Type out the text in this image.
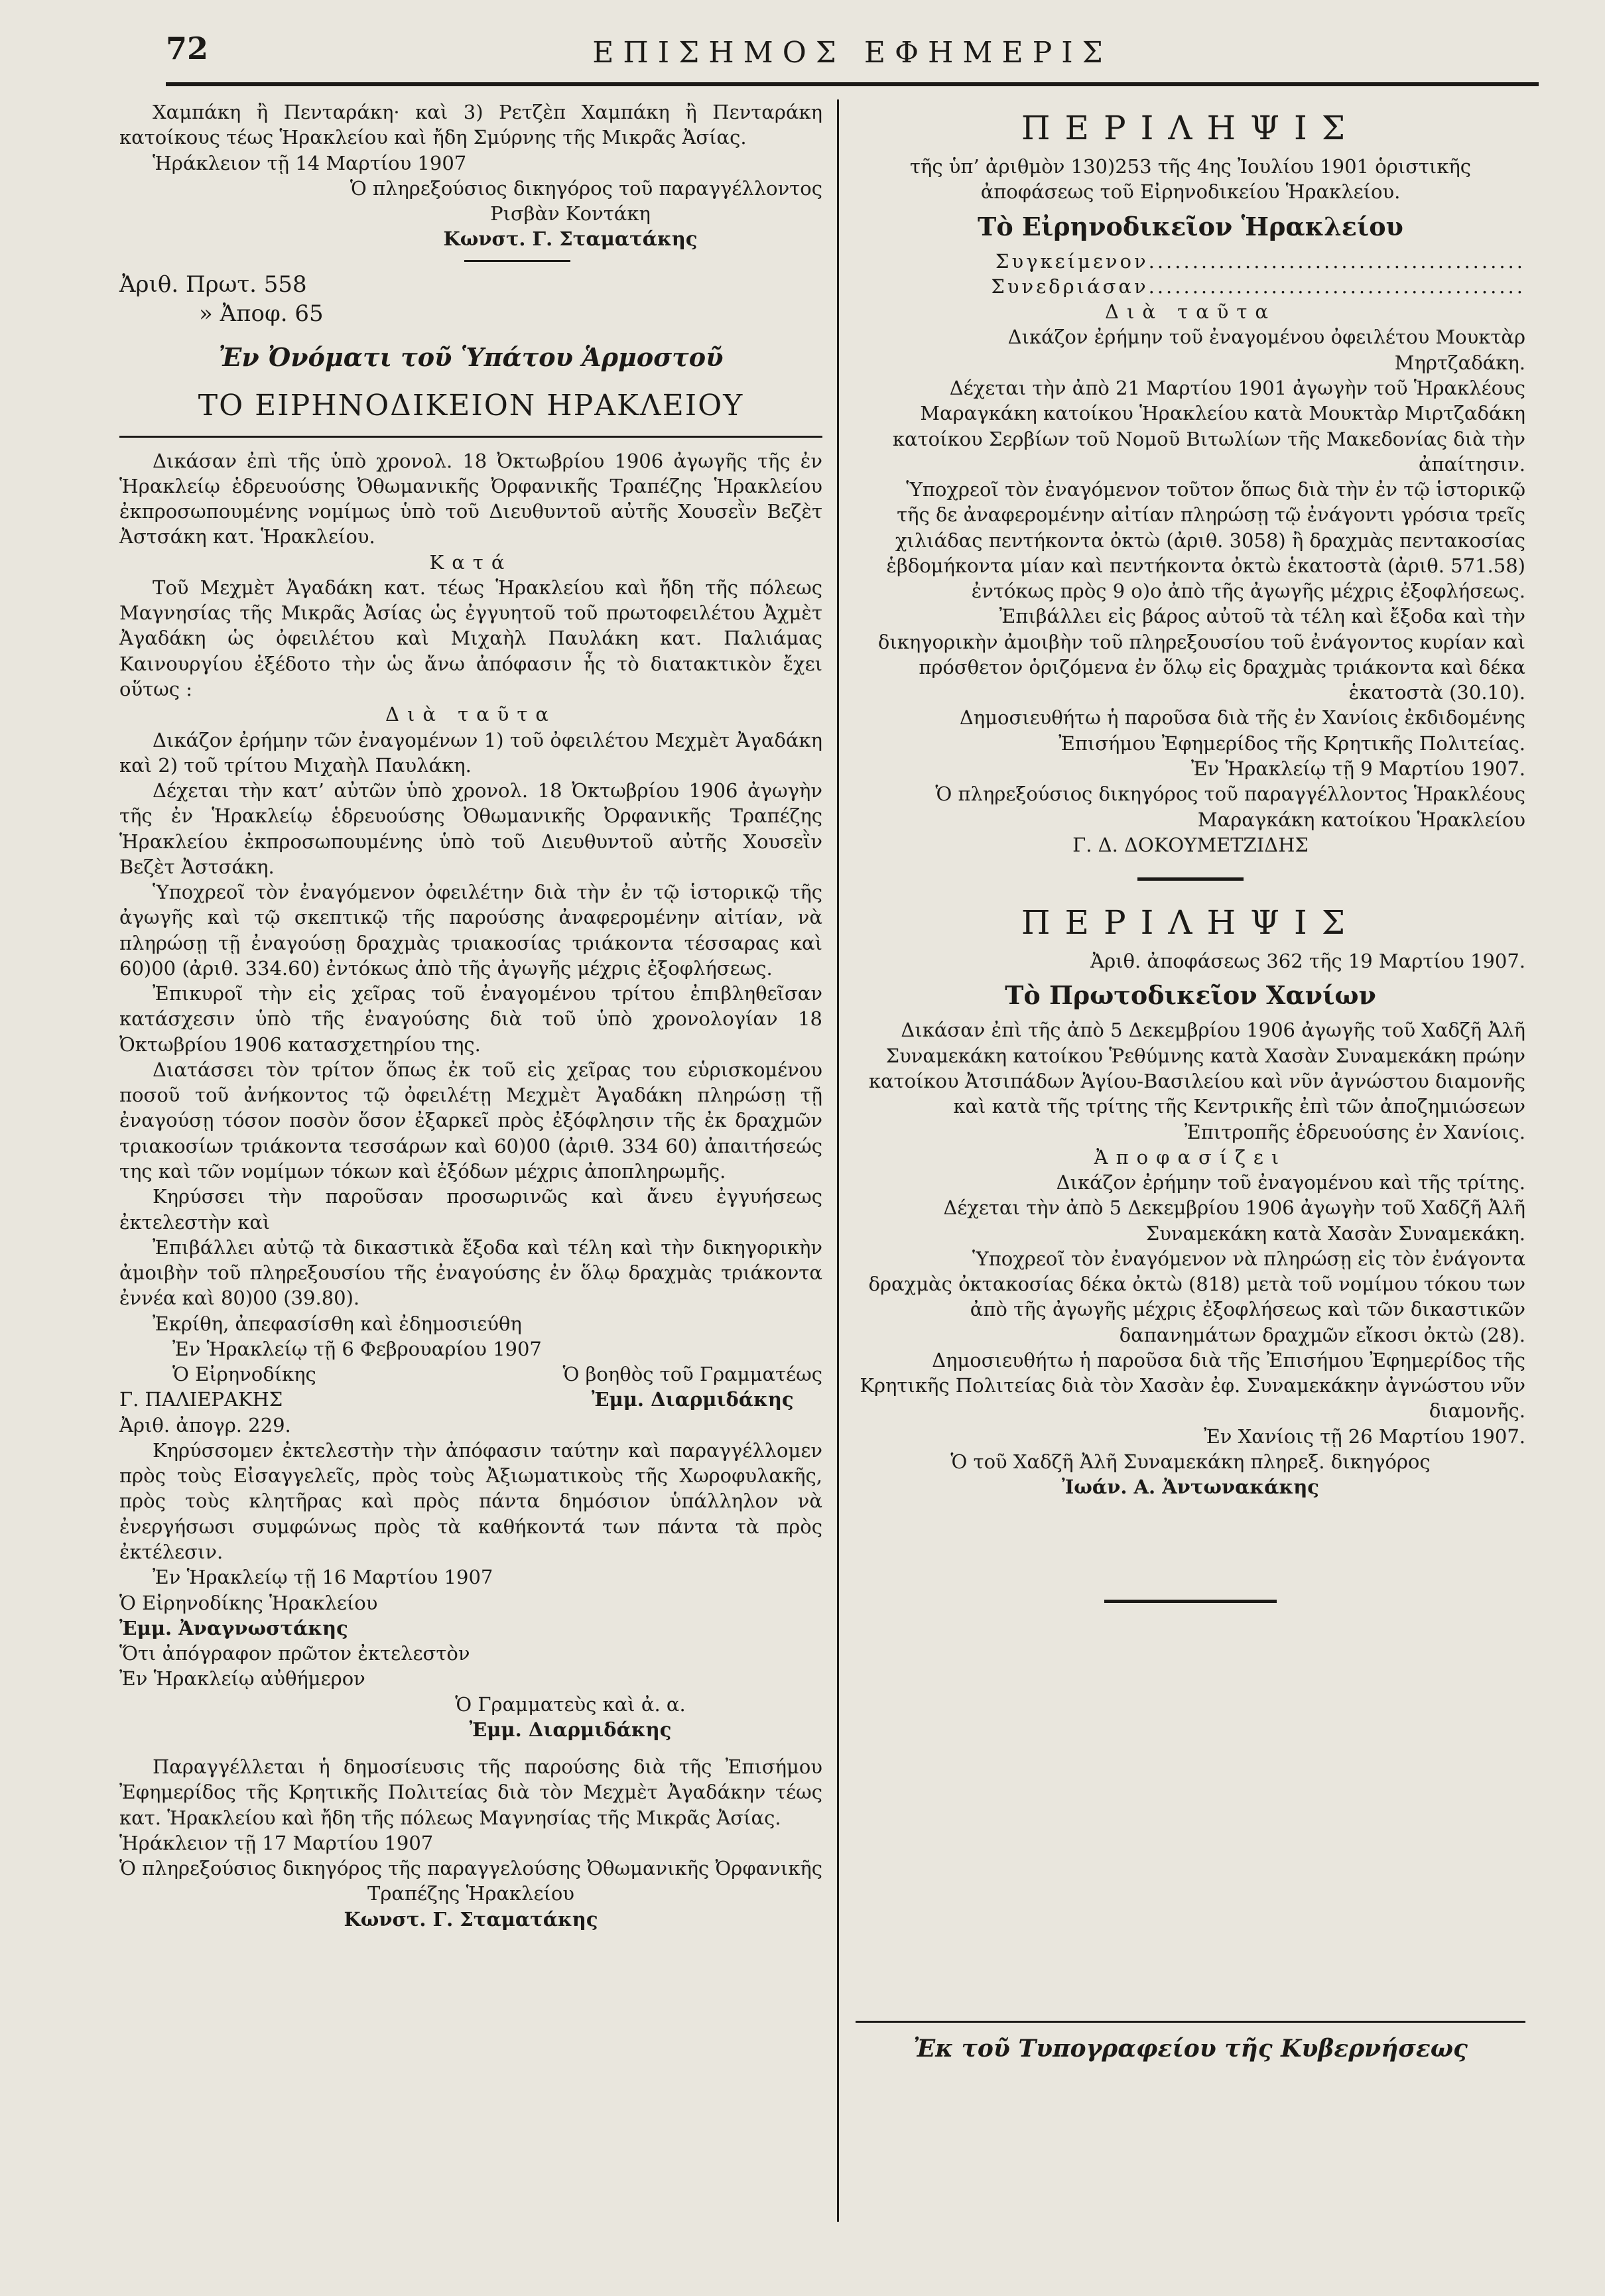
72	ΕΠΙΣΗΜΟΣ ΕΦΗΜΕΡΙΣ

Χαμπάκη ἢ Πενταράκη· καὶ 3) Ρετζὲπ Χαμπάκη ἢ Πενταράκη κατοίκους τέως Ἡρακλείου καὶ ἤδη Σμύρνης τῆς Μικρᾶς Ἀσίας.

Ἡράκλειον τῇ 14 Μαρτίου 1907

Ὁ πληρεξούσιος δικηγόρος τοῦ παραγγέλλοντος

Ρισβὰν Κοντάκη

Κωνστ. Γ. Σταματάκης

Ἀριθ. Πρωτ. 558

» Ἀποφ. 65

Ἐν Ὀνόματι τοῦ Ὑπάτου Ἁρμοστοῦ

ΤΟ ΕΙΡΗΝΟΔΙΚΕΙΟΝ ΗΡΑΚΛΕΙΟΥ

Δικάσαν ἐπὶ τῆς ὑπὸ χρονολ. 18 Ὀκτωβρίου 1906 ἀγωγῆς τῆς ἐν Ἡρακλείῳ ἑδρευούσης Ὀθωμανικῆς Ὀρφανικῆς Τραπέζης Ἡρακλείου ἐκπροσωπουμένης νομίμως ὑπὸ τοῦ Διευθυντοῦ αὐτῆς Χουσεῒν Βεζὲτ Ἀστσάκη κατ. Ἡρακλείου.

Κατά

Τοῦ Μεχμὲτ Ἀγαδάκη κατ. τέως Ἡρακλείου καὶ ἤδη τῆς πόλεως Μαγνησίας τῆς Μικρᾶς Ἀσίας ὡς ἐγγυητοῦ τοῦ πρωτοφειλέτου Ἀχμὲτ Ἀγαδάκη ὡς ὀφειλέτου καὶ Μιχαὴλ Παυλάκη κατ. Παλιάμας Καινουργίου ἐξέδοτο τὴν ὡς ἄνω ἀπόφασιν ἧς τὸ διατακτικὸν ἔχει οὕτως :

Διὰ ταῦτα

Δικάζον ἐρήμην τῶν ἐναγομένων 1) τοῦ ὀφειλέτου Μεχμὲτ Ἀγαδάκη καὶ 2) τοῦ τρίτου Μιχαὴλ Παυλάκη.

Δέχεται τὴν κατ’ αὐτῶν ὑπὸ χρονολ. 18 Ὀκτωβρίου 1906 ἀγωγὴν τῆς ἐν Ἡρακλείῳ ἑδρευούσης Ὀθωμανικῆς Ὀρφανικῆς Τραπέζης Ἡρακλείου ἐκπροσωπουμένης ὑπὸ τοῦ Διευθυντοῦ αὐτῆς Χουσεῒν Βεζὲτ Ἀστσάκη.

Ὑποχρεοῖ τὸν ἐναγόμενον ὀφειλέτην διὰ τὴν ἐν τῷ ἱστορικῷ τῆς ἀγωγῆς καὶ τῷ σκεπτικῷ τῆς παρούσης ἀναφερομένην αἰτίαν, νὰ πληρώσῃ τῇ ἐναγούσῃ δραχμὰς τριακοσίας τριάκοντα τέσσαρας καὶ 60)00 (ἀριθ. 334.60) ἐντόκως ἀπὸ τῆς ἀγωγῆς μέχρις ἐξοφλήσεως.

Ἐπικυροῖ τὴν εἰς χεῖρας τοῦ ἐναγομένου τρίτου ἐπιβληθεῖσαν κατάσχεσιν ὑπὸ τῆς ἐναγούσης διὰ τοῦ ὑπὸ χρονολογίαν 18 Ὀκτωβρίου 1906 κατασχετηρίου της.

Διατάσσει τὸν τρίτον ὅπως ἐκ τοῦ εἰς χεῖρας του εὑρισκομένου ποσοῦ τοῦ ἀνήκοντος τῷ ὀφειλέτῃ Μεχμὲτ Ἀγαδάκη πληρώσῃ τῇ ἐναγούσῃ τόσον ποσὸν ὅσον ἐξαρκεῖ πρὸς ἐξόφλησιν τῆς ἐκ δραχμῶν τριακοσίων τριάκοντα τεσσάρων καὶ 60)00 (ἀριθ. 334 60) ἀπαιτήσεώς της καὶ τῶν νομίμων τόκων καὶ ἐξόδων μέχρις ἀποπληρωμῆς.

Κηρύσσει τὴν παροῦσαν προσωρινῶς καὶ ἄνευ ἐγγυήσεως ἐκτελεστὴν καὶ

Ἐπιβάλλει αὐτῷ τὰ δικαστικὰ ἔξοδα καὶ τέλη καὶ τὴν δικηγορικὴν ἀμοιβὴν τοῦ πληρεξουσίου τῆς ἐναγούσης ἐν ὅλῳ δραχμὰς τριάκοντα ἐννέα καὶ 80)00 (39.80).

Ἐκρίθη, ἀπεφασίσθη καὶ ἐδημοσιεύθη

Ἐν Ἡρακλείῳ τῇ 6 Φεβρουαρίου 1907

Ὁ Εἰρηνοδίκης

Γ. ΠΑΛΙΕΡΑΚΗΣ

Ὁ βοηθὸς τοῦ Γραμματέως

Ἐμμ. Διαρμιδάκης

Ἀριθ. ἀπογρ. 229.

Κηρύσσομεν ἐκτελεστὴν τὴν ἀπόφασιν ταύτην καὶ παραγγέλλομεν πρὸς τοὺς Εἰσαγγελεῖς, πρὸς τοὺς Ἀξιωματικοὺς τῆς Χωροφυλακῆς, πρὸς τοὺς κλητῆρας καὶ πρὸς πάντα δημόσιον ὑπάλληλον νὰ ἐνεργήσωσι συμφώνως πρὸς τὰ καθήκοντά των πάντα τὰ πρὸς ἐκτέλεσιν.

Ἐν Ἡρακλείῳ τῇ 16 Μαρτίου 1907

Ὁ Εἰρηνοδίκης Ἡρακλείου

Ἐμμ. Ἀναγνωστάκης

Ὅτι ἀπόγραφον πρῶτον ἐκτελεστὸν

Ἐν Ἡρακλείῳ αὐθήμερον

Ὁ Γραμματεὺς καὶ ἀ. α.

Ἐμμ. Διαρμιδάκης

Παραγγέλλεται ἡ δημοσίευσις τῆς παρούσης διὰ τῆς Ἐπισήμου Ἐφημερίδος τῆς Κρητικῆς Πολιτείας διὰ τὸν Μεχμὲτ Ἀγαδάκην τέως κατ. Ἡρακλείου καὶ ἤδη τῆς πόλεως Μαγνησίας τῆς Μικρᾶς Ἀσίας.

Ἡράκλειον τῇ 17 Μαρτίου 1907

Ὁ πληρεξούσιος δικηγόρος τῆς παραγγελούσης Ὀθωμανικῆς Ὀρφανικῆς Τραπέζης Ἡρακλείου

Κωνστ. Γ. Σταματάκης

ΠΕΡΙΛΗΨΙΣ

τῆς ὑπ’ ἀριθμὸν 130)253 τῆς 4ης Ἰουλίου 1901 ὁριστικῆς ἀποφάσεως τοῦ Εἰρηνοδικείου Ἡρακλείου.

Τὸ Εἰρηνοδικεῖον Ἡρακλείου

Συγκείμενον...........................................

Συνεδριάσαν...........................................

Διὰ ταῦτα

Δικάζον ἐρήμην τοῦ ἐναγομένου ὀφειλέτου Μουκτὰρ Μηρτζαδάκη.

Δέχεται τὴν ἀπὸ 21 Μαρτίου 1901 ἀγωγὴν τοῦ Ἡρακλέους Μαραγκάκη κατοίκου Ἡρακλείου κατὰ Μουκτὰρ Μιρτζαδάκη κατοίκου Σερβίων τοῦ Νομοῦ Βιτωλίων τῆς Μακεδονίας διὰ τὴν ἀπαίτησιν.

Ὑποχρεοῖ τὸν ἐναγόμενον τοῦτον ὅπως διὰ τὴν ἐν τῷ ἱστορικῷ τῆς δε ἀναφερομένην αἰτίαν πληρώσῃ τῷ ἐνάγοντι γρόσια τρεῖς χιλιάδας πεντήκοντα ὀκτὼ (ἀριθ. 3058) ἢ δραχμὰς πεντακοσίας ἑβδομήκοντα μίαν καὶ πεντήκοντα ὀκτὼ ἑκατοστὰ (ἀριθ. 571.58) ἐντόκως πρὸς 9 ο)ο ἀπὸ τῆς ἀγωγῆς μέχρις ἐξοφλήσεως.

Ἐπιβάλλει εἰς βάρος αὐτοῦ τὰ τέλη καὶ ἔξοδα καὶ τὴν δικηγορικὴν ἀμοιβὴν τοῦ πληρεξουσίου τοῦ ἐνάγοντος κυρίαν καὶ πρόσθετον ὁριζόμενα ἐν ὅλῳ εἰς δραχμὰς τριάκοντα καὶ δέκα ἑκατοστὰ (30.10).

Δημοσιευθήτω ἡ παροῦσα διὰ τῆς ἐν Χανίοις ἐκδιδομένης Ἐπισήμου Ἐφημερίδος τῆς Κρητικῆς Πολιτείας.

Ἐν Ἡρακλείῳ τῇ 9 Μαρτίου 1907.

Ὁ πληρεξούσιος δικηγόρος τοῦ παραγγέλλοντος Ἡρακλέους Μαραγκάκη κατοίκου Ἡρακλείου

Γ. Δ. ΔΟΚΟΥΜΕΤΖΙΔΗΣ

ΠΕΡΙΛΗΨΙΣ

Ἀριθ. ἀποφάσεως 362 τῆς 19 Μαρτίου 1907.

Τὸ Πρωτοδικεῖον Χανίων

Δικάσαν ἐπὶ τῆς ἀπὸ 5 Δεκεμβρίου 1906 ἀγωγῆς τοῦ Χαδζῆ Ἀλῆ Συναμεκάκη κατοίκου Ῥεθύμνης κατὰ Χασὰν Συναμεκάκη πρώην κατοίκου Ἀτσιπάδων Ἁγίου-Βασιλείου καὶ νῦν ἀγνώστου διαμονῆς καὶ κατὰ τῆς τρίτης τῆς Κεντρικῆς ἐπὶ τῶν ἀποζημιώσεων Ἐπιτροπῆς ἑδρευούσης ἐν Χανίοις.

Ἀποφασίζει

Δικάζον ἐρήμην τοῦ ἐναγομένου καὶ τῆς τρίτης.

Δέχεται τὴν ἀπὸ 5 Δεκεμβρίου 1906 ἀγωγὴν τοῦ Χαδζῆ Ἀλῆ Συναμεκάκη κατὰ Χασὰν Συναμεκάκη.

Ὑποχρεοῖ τὸν ἐναγόμενον νὰ πληρώσῃ εἰς τὸν ἐνάγοντα δραχμὰς ὀκτακοσίας δέκα ὀκτὼ (818) μετὰ τοῦ νομίμου τόκου των ἀπὸ τῆς ἀγωγῆς μέχρις ἐξοφλήσεως καὶ τῶν δικαστικῶν δαπανημάτων δραχμῶν εἴκοσι ὀκτὼ (28).

Δημοσιευθήτω ἡ παροῦσα διὰ τῆς Ἐπισήμου Ἐφημερίδος τῆς Κρητικῆς Πολιτείας διὰ τὸν Χασὰν ἐφ. Συναμεκάκην ἀγνώστου νῦν διαμονῆς.

Ἐν Χανίοις τῇ 26 Μαρτίου 1907.

Ὁ τοῦ Χαδζῆ Ἀλῆ Συναμεκάκη πληρεξ. δικηγόρος

Ἰωάν. Α. Ἀντωνακάκης

Ἐκ τοῦ Τυπογραφείου τῆς Κυβερνήσεως
